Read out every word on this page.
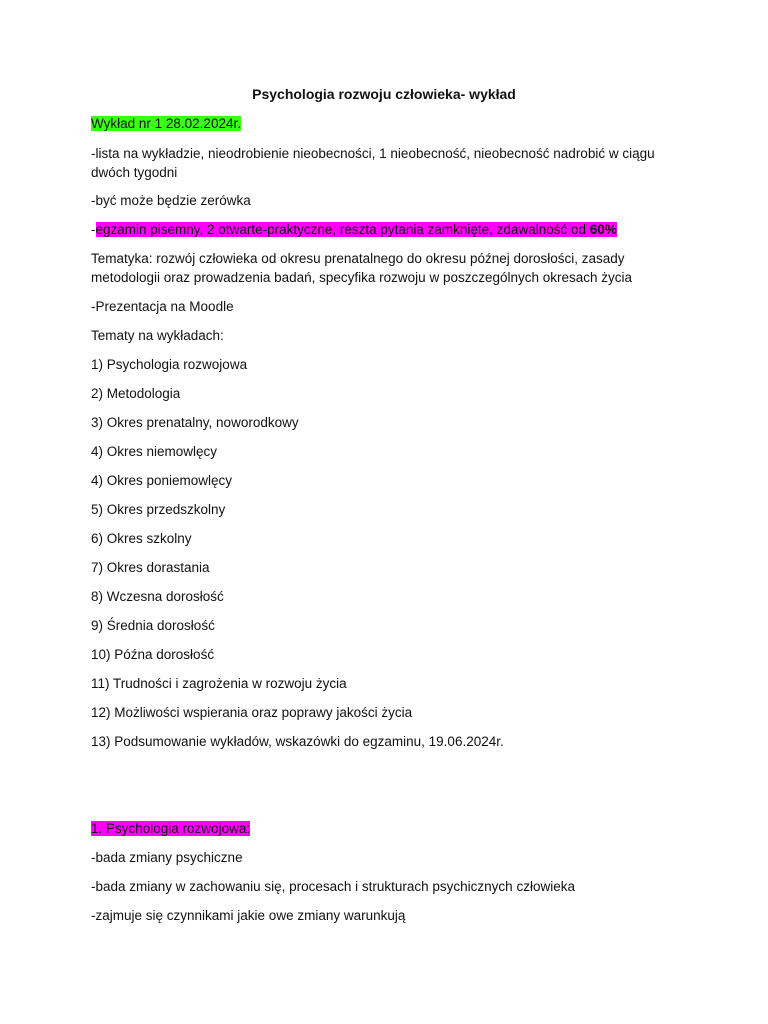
Psychologia rozwoju człowieka- wykład

Wykład nr 1 28.02.2024r.

-lista na wykładzie, nieodrobienie nieobecności, 1 nieobecność, nieobecność nadrobić w ciągu dwóch tygodni

-być może będzie zerówka

-egzamin pisemny, 2 otwarte-praktyczne, reszta pytania zamknięte, zdawalność od 60%

Tematyka: rozwój człowieka od okresu prenatalnego do okresu późnej dorosłości, zasady metodologii oraz prowadzenia badań, specyfika rozwoju w poszczególnych okresach życia

-Prezentacja na Moodle

Tematy na wykładach:

1) Psychologia rozwojowa

2) Metodologia

3) Okres prenatalny, noworodkowy

4) Okres niemowlęcy

4) Okres poniemowlęcy

5) Okres przedszkolny

6) Okres szkolny

7) Okres dorastania

8) Wczesna dorosłość

9) Średnia dorosłość

10) Późna dorosłość

11) Trudności i zagrożenia w rozwoju życia

12) Możliwości wspierania oraz poprawy jakości życia

13) Podsumowanie wykładów, wskazówki do egzaminu, 19.06.2024r.

1. Psychologia rozwojowa:

-bada zmiany psychiczne

-bada zmiany w zachowaniu się, procesach i strukturach psychicznych człowieka

-zajmuje się czynnikami jakie owe zmiany warunkują
